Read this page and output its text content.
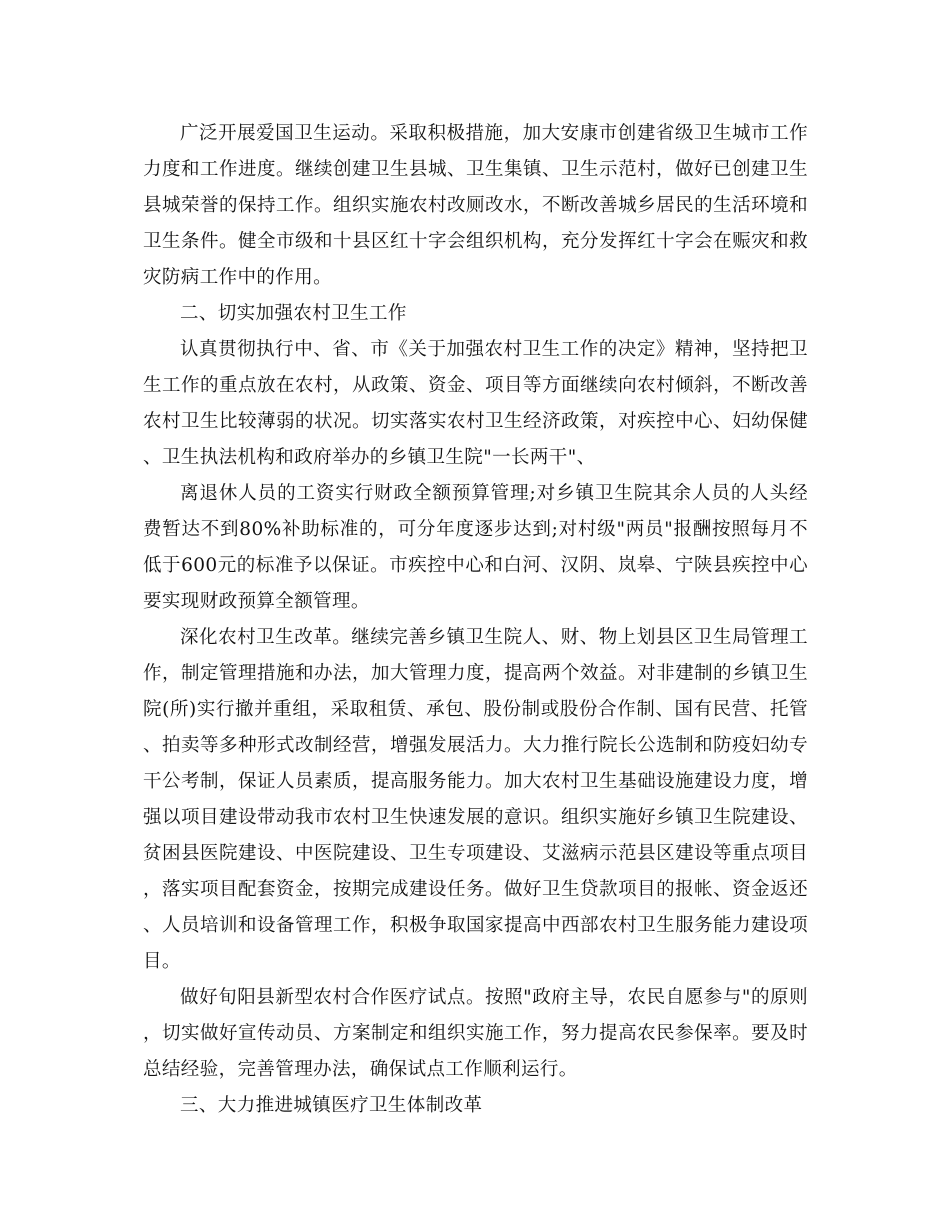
广泛开展爱国卫生运动。采取积极措施，加大安康市创建省级卫生城市工作力度和工作进度。继续创建卫生县城、卫生集镇、卫生示范村，做好已创建卫生县城荣誉的保持工作。组织实施农村改厕改水，不断改善城乡居民的生活环境和卫生条件。健全市级和十县区红十字会组织机构，充分发挥红十字会在赈灾和救灾防病工作中的作用。

二、切实加强农村卫生工作

认真贯彻执行中、省、市《关于加强农村卫生工作的决定》精神，坚持把卫生工作的重点放在农村，从政策、资金、项目等方面继续向农村倾斜，不断改善农村卫生比较薄弱的状况。切实落实农村卫生经济政策，对疾控中心、妇幼保健、卫生执法机构和政府举办的乡镇卫生院"一长两干"、

离退休人员的工资实行财政全额预算管理;对乡镇卫生院其余人员的人头经费暂达不到80%补助标准的，可分年度逐步达到;对村级"两员"报酬按照每月不低于600元的标准予以保证。市疾控中心和白河、汉阴、岚皋、宁陕县疾控中心要实现财政预算全额管理。

深化农村卫生改革。继续完善乡镇卫生院人、财、物上划县区卫生局管理工作，制定管理措施和办法，加大管理力度，提高两个效益。对非建制的乡镇卫生院(所)实行撤并重组，采取租赁、承包、股份制或股份合作制、国有民营、托管、拍卖等多种形式改制经营，增强发展活力。大力推行院长公选制和防疫妇幼专干公考制，保证人员素质，提高服务能力。加大农村卫生基础设施建设力度，增强以项目建设带动我市农村卫生快速发展的意识。组织实施好乡镇卫生院建设、贫困县医院建设、中医院建设、卫生专项建设、艾滋病示范县区建设等重点项目，落实项目配套资金，按期完成建设任务。做好卫生贷款项目的报帐、资金返还、人员培训和设备管理工作，积极争取国家提高中西部农村卫生服务能力建设项目。

做好旬阳县新型农村合作医疗试点。按照"政府主导，农民自愿参与"的原则，切实做好宣传动员、方案制定和组织实施工作，努力提高农民参保率。要及时总结经验，完善管理办法，确保试点工作顺利运行。

三、大力推进城镇医疗卫生体制改革
